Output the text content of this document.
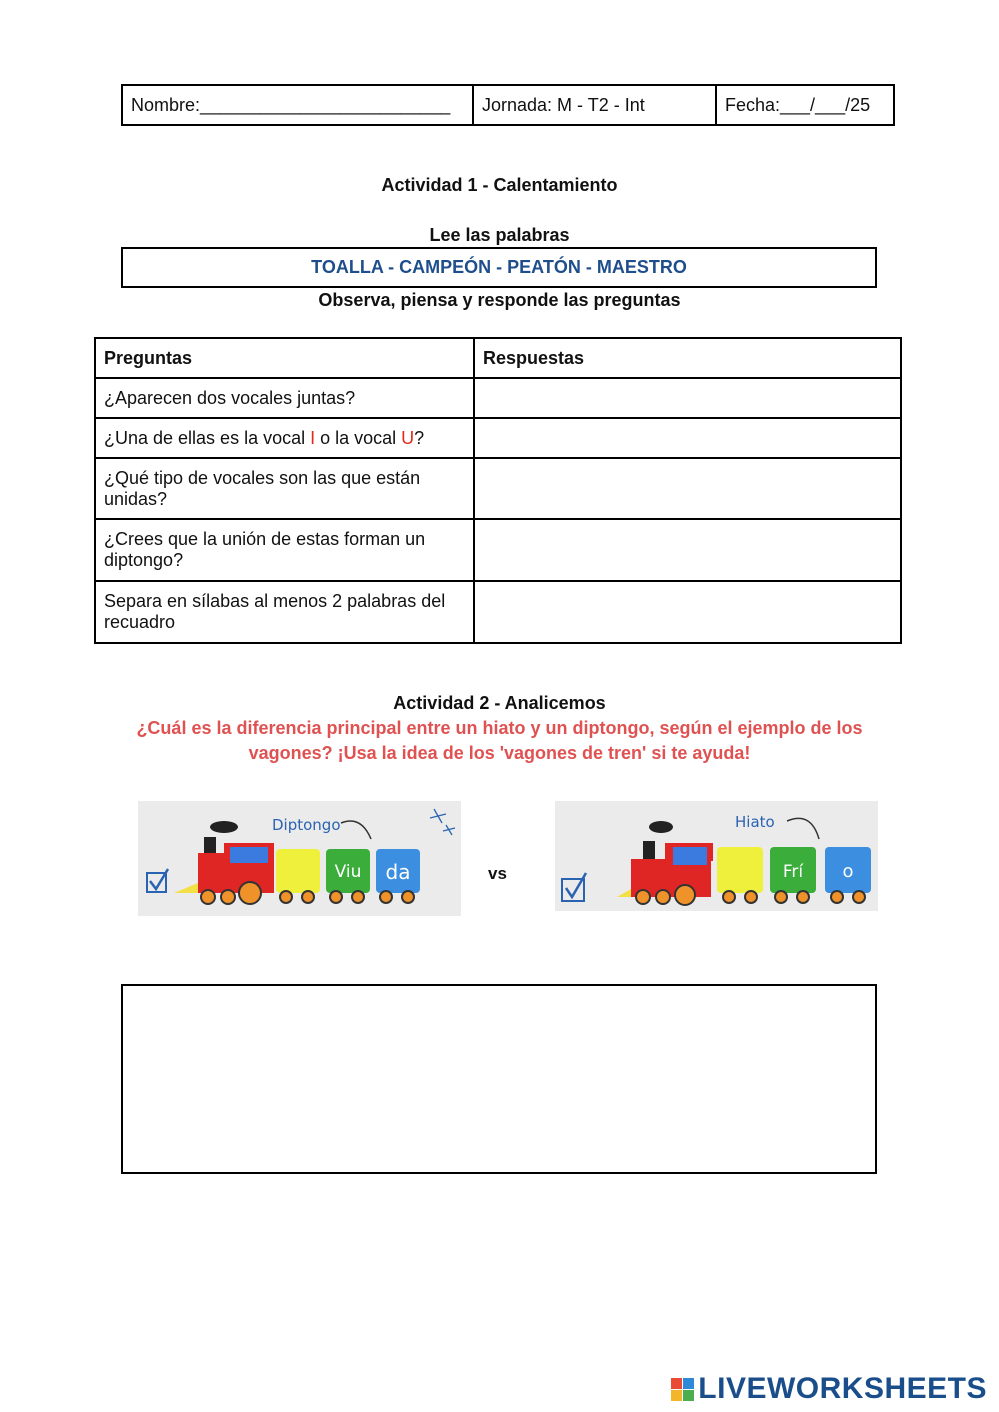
Nombre:_________________________ Jornada: M - T2 - Int	Fecha:___/___/25
Actividad 1 - Calentamiento
Lee las palabras
TOALLA - CAMPEÓN - PEATÓN - MAESTRO
Observa, piensa y responde las preguntas
Preguntas	Respuestas
¿Aparecen dos vocales juntas?	
¿Una de ellas es la vocal I o la vocal U?	
¿Qué tipo de vocales son las que están unidas?	
¿Crees que la unión de estas forman un diptongo?	
Separa en sílabas al menos 2 palabras del recuadro	
Actividad 2 - Analicemos
¿Cuál es la diferencia principal entre un hiato y un diptongo, según el ejemplo de los vagones? ¡Usa la idea de los 'vagones de tren' si te ayuda!
Diptongo
Viu da	vs
Hiato
Frí o
LIVEWORKSHEETS
